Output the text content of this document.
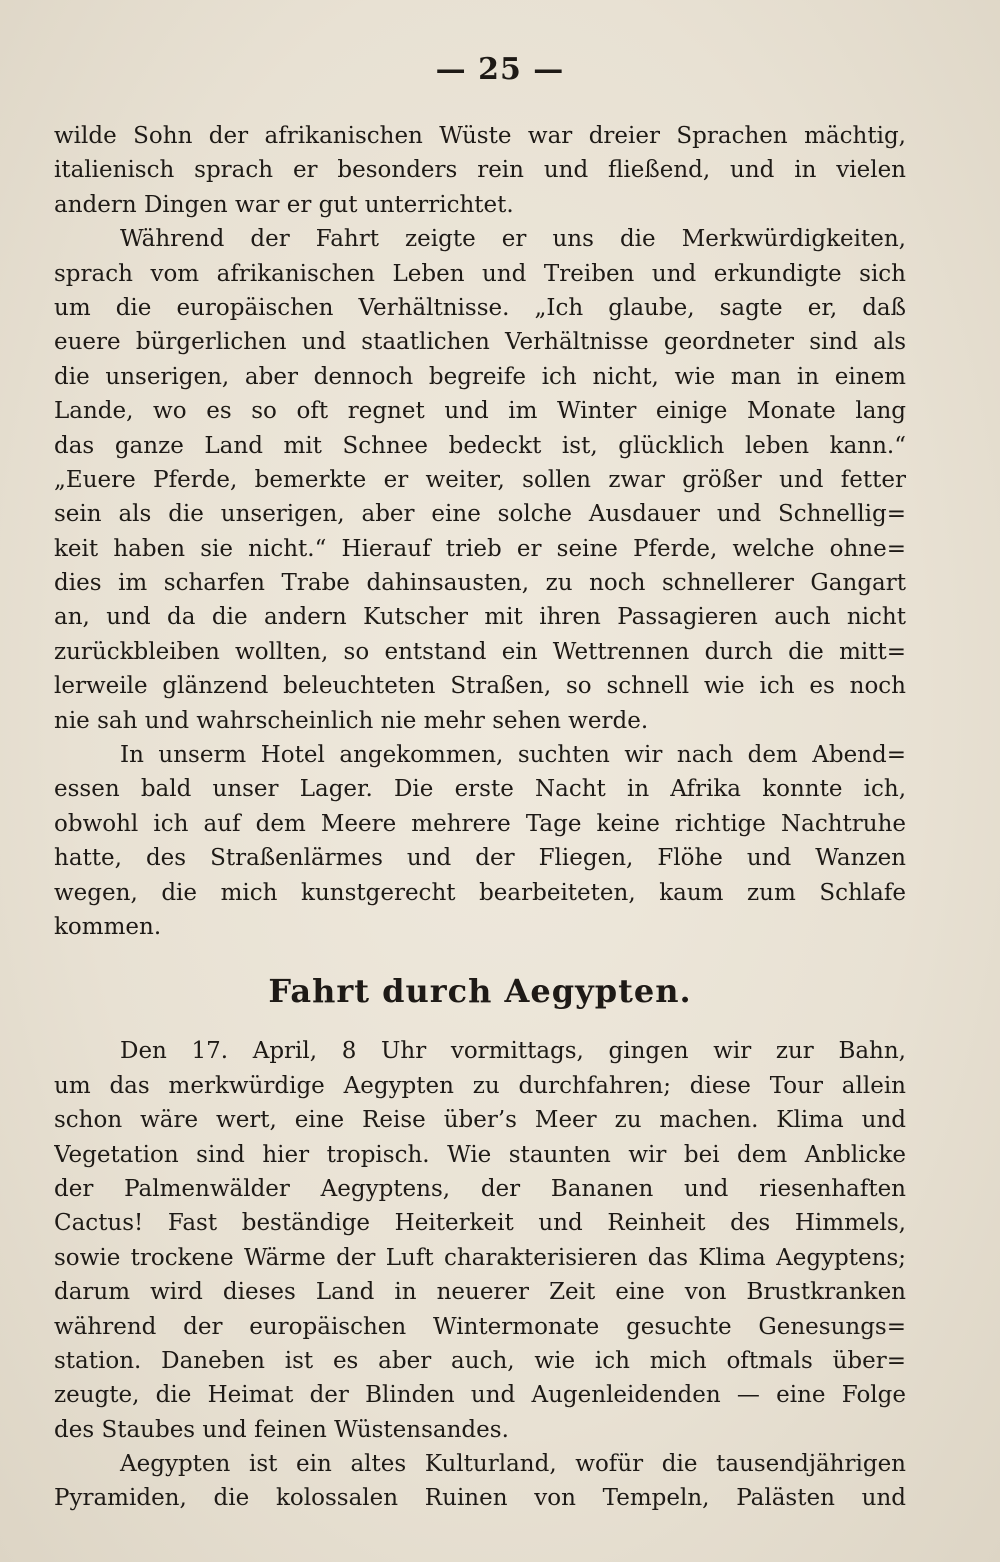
— 25 —
wilde Sohn der afrikanischen Wüste war dreier Sprachen mächtig,
italienisch sprach er besonders rein und fließend, und in vielen
andern Dingen war er gut unterrichtet.
Während der Fahrt zeigte er uns die Merkwürdigkeiten,
sprach vom afrikanischen Leben und Treiben und erkundigte sich
um die europäischen Verhältnisse. „Ich glaube, sagte er, daß
euere bürgerlichen und staatlichen Verhältnisse geordneter sind als
die unserigen, aber dennoch begreife ich nicht, wie man in einem
Lande, wo es so oft regnet und im Winter einige Monate lang
das ganze Land mit Schnee bedeckt ist, glücklich leben kann.“
„Euere Pferde, bemerkte er weiter, sollen zwar größer und fetter
sein als die unserigen, aber eine solche Ausdauer und Schnellig=
keit haben sie nicht.“ Hierauf trieb er seine Pferde, welche ohne=
dies im scharfen Trabe dahinsausten, zu noch schnellerer Gangart
an, und da die andern Kutscher mit ihren Passagieren auch nicht
zurückbleiben wollten, so entstand ein Wettrennen durch die mitt=
lerweile glänzend beleuchteten Straßen, so schnell wie ich es noch
nie sah und wahrscheinlich nie mehr sehen werde.
In unserm Hotel angekommen, suchten wir nach dem Abend=
essen bald unser Lager. Die erste Nacht in Afrika konnte ich,
obwohl ich auf dem Meere mehrere Tage keine richtige Nachtruhe
hatte, des Straßenlärmes und der Fliegen, Flöhe und Wanzen
wegen, die mich kunstgerecht bearbeiteten, kaum zum Schlafe
kommen.
Fahrt durch Aegypten.
Den 17. April, 8 Uhr vormittags, gingen wir zur Bahn,
um das merkwürdige Aegypten zu durchfahren; diese Tour allein
schon wäre wert, eine Reise über’s Meer zu machen. Klima und
Vegetation sind hier tropisch. Wie staunten wir bei dem Anblicke
der Palmenwälder Aegyptens, der Bananen und riesenhaften
Cactus! Fast beständige Heiterkeit und Reinheit des Himmels,
sowie trockene Wärme der Luft charakterisieren das Klima Aegyptens;
darum wird dieses Land in neuerer Zeit eine von Brustkranken
während der europäischen Wintermonate gesuchte Genesungs=
station. Daneben ist es aber auch, wie ich mich oftmals über=
zeugte, die Heimat der Blinden und Augenleidenden — eine Folge
des Staubes und feinen Wüstensandes.
Aegypten ist ein altes Kulturland, wofür die tausendjährigen
Pyramiden, die kolossalen Ruinen von Tempeln, Palästen und
